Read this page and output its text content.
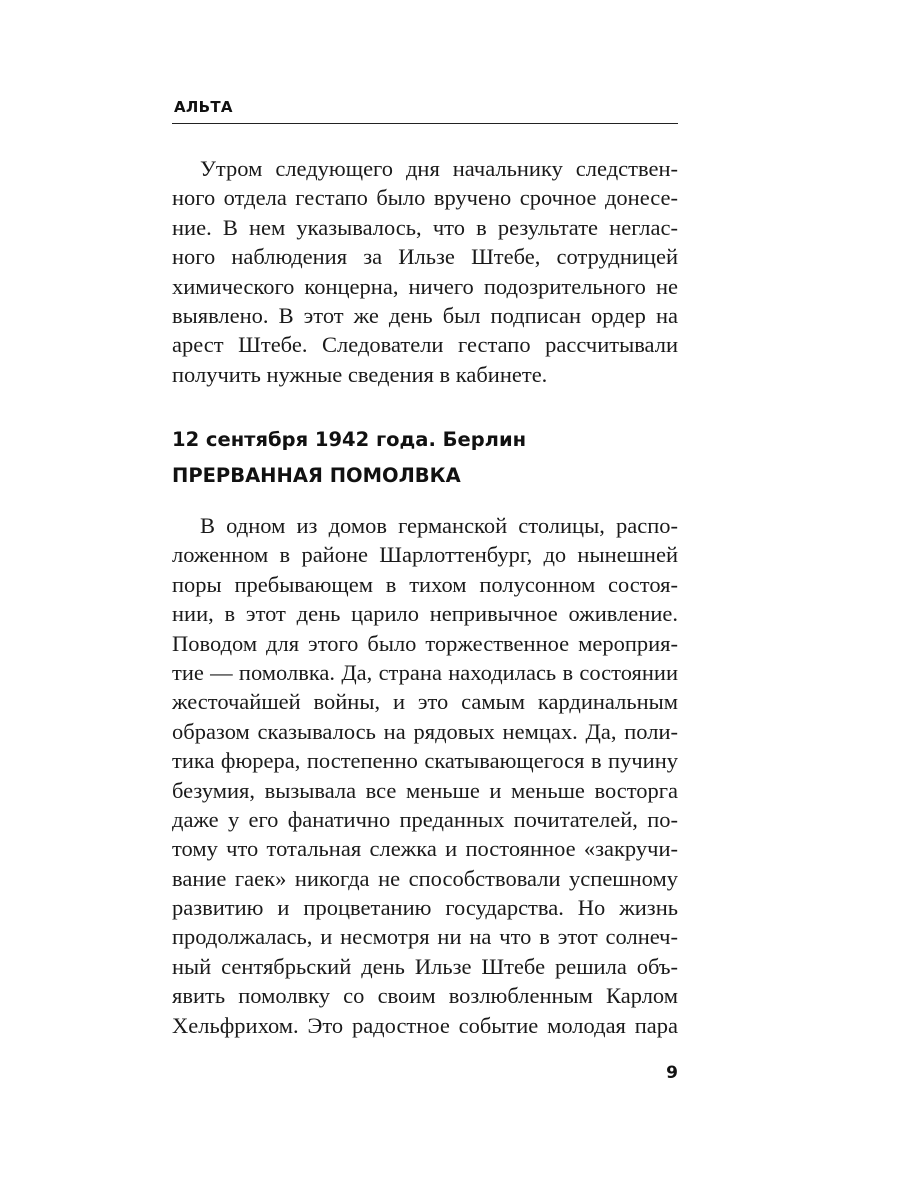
АЛЬТА
Утром следующего дня начальнику следствен-
ного отдела гестапо было вручено срочное донесе-
ние. В нем указывалось, что в результате неглас-
ного наблюдения за Ильзе Штебе, сотрудницей
химического концерна, ничего подозрительного не
выявлено. В этот же день был подписан ордер на
арест Штебе. Следователи гестапо рассчитывали
получить нужные сведения в кабинете.
12 сентября 1942 года. Берлин
ПРЕРВАННАЯ ПОМОЛВКА
В одном из домов германской столицы, распо-
ложенном в районе Шарлоттенбург, до нынешней
поры пребывающем в тихом полусонном состоя-
нии, в этот день царило непривычное оживление.
Поводом для этого было торжественное мероприя-
тие — помолвка. Да, страна находилась в состоянии
жесточайшей войны, и это самым кардинальным
образом сказывалось на рядовых немцах. Да, поли-
тика фюрера, постепенно скатывающегося в пучину
безумия, вызывала все меньше и меньше восторга
даже у его фанатично преданных почитателей, по-
тому что тотальная слежка и постоянное «закручи-
вание гаек» никогда не способствовали успешному
развитию и процветанию государства. Но жизнь
продолжалась, и несмотря ни на что в этот солнеч-
ный сентябрьский день Ильзе Штебе решила объ-
явить помолвку со своим возлюбленным Карлом
Хельфрихом. Это радостное событие молодая пара
9
